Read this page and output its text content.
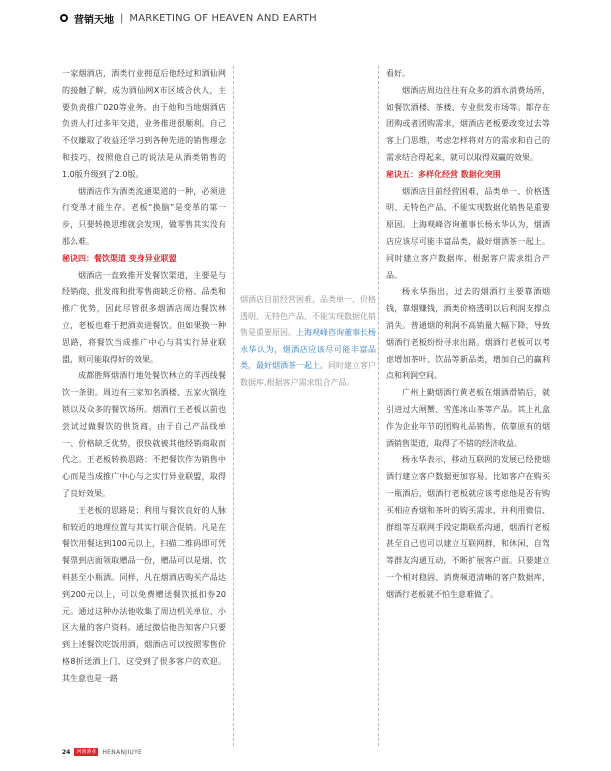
营销天地 | MARKETING OF HEAVEN AND EARTH

一家烟酒店，酒类行业拥趸后他经过和酒仙网的接触了解，成为酒仙网X市区域合伙人，主要负责推广020等业务。由于他和当地烟酒店负责人打过多年交道，业务推进很顺利。自己不仅赚取了收益还学习到各种先进的销售理念和技巧，按照他自己的说法是从酒类销售的1.0版升级到了2.0版。

烟酒店作为酒类流通渠道的一种，必须进行变革才能生存。老板“换脑”是变革的第一步，只要转换思维就会发现，做零售其实没有那么难。

秘诀四：餐饮渠道 变身异业联盟

烟酒店一直致推开发餐饮渠道，主要是与经销商、批发商和批零售商缺乏价格、品类和推广优势，因此尽管很多烟酒店周边餐饮林立，老板也难于把酒卖进餐饮。但如果换一种思路，将餐饮当成推广中心与其实行异业联盟，则可能取得好的效果。

成都胜辉烟酒行地处餐饮林立的羊西线餐饮一条街。周边有三家知名酒楼、五家火锅连锁以及众多的餐饮场所。烟酒行王老板以前也尝试过做餐饮的供货商，由于自己产品线单一、价格缺乏优势，很快就被其他经销商取而代之。王老板转换思路：不把餐饮作为销售中心而是当成推广中心与之实行异业联盟，取得了良好效果。

王老板的思路是：利用与餐饮良好的人脉和较近的地理位置与其实行联合促销。凡是在餐饮用餐达到100元以上，扫描二维码即可凭餐票到店面领取赠品一份，赠品可以是烟、饮料甚至小瓶酒。同样，凡在烟酒店购买产品达到200元以上，可以免费赠送餐饮抵扣券20元。通过这种办法他收集了周边机关单位、小区大量的客户资料。通过微信他告知客户只要到上述餐饮吃饭用酒，烟酒店可以按照零售价格8折送酒上门，这受到了很多客户的欢迎。其生意也是一路

烟酒店目前经营困难，品类单一、价格透明、无特色产品、不能实现数据化销售是重要原因。上海观峰咨询董事长杨永华认为，烟酒店应该尽可能丰富品类，最好烟酒茶一起上。同时建立客户数据库,根据客户需求组合产品。

看好。

烟酒店周边往往有众多的酒水消费场所，如餐饮酒楼、茶楼、专业批发市场等。都存在团购或者团购需求，烟酒店老板要改变过去等客上门思维，考虑怎样将对方的需求和自己的需求结合得起来，就可以取得双赢的效果。

秘诀五：多样化经营 数据化突围

烟酒店目前经营困难，品类单一、价格透明、无特色产品、不能实现数据化销售是重要原因。上海观峰咨询董事长杨永华认为，烟酒店应该尽可能丰富品类，最好烟酒茶一起上。同时建立客户数据库，根据客户需求组合产品。

杨永华指出，过去的烟酒行主要靠酒烟钱，靠烟赚钱，酒类价格透明以后利润支撑点消失。普通烟的利润不高销量大幅下降，导致烟酒行老板纷纷寻求出路。烟酒行老板可以考虑增加茶叶、饮品等新品类，增加自己的赢利点和利润空间。

广州上勤烟酒行黄老板在烟酒滑销后，就引进过大闸蟹、雪莲冰山茶等产品。其上礼盒作为企业年节的团购礼品销售，依靠原有的烟酒销售渠道，取得了不错的经济收益。

杨永华表示，移动互联网的发展已经使烟酒行建立客户数据更加容易。比如客户在购买一瓶酒后，烟酒行老板就应该考虑他是否有购买相应香烟和茶叶的购买需求，并利用微信、群组等互联网手段定期联系沟通，烟酒行老板甚至自己也可以建立互联网群，和休闲、自驾等群友沟通互动，不断扩展客户面。只要建立一个相对稳固、消费频道清晰的客户数据库，烟酒行老板就不怕生意难做了。

24	河南酒业	HENANJIUYE
